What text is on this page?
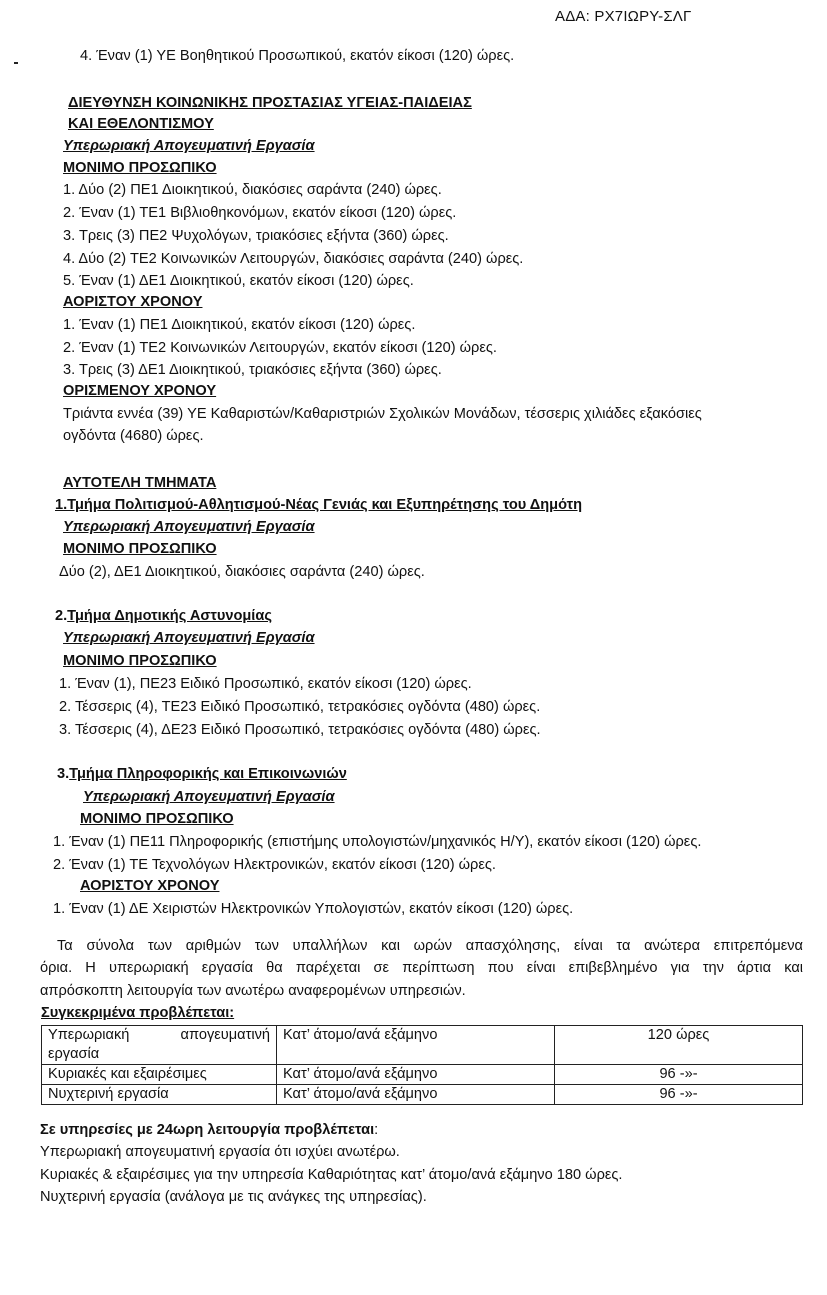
ΑΔΑ: ΡΧ7ΙΩΡΥ-ΣΛΓ
4. Έναν (1) ΥΕ Βοηθητικού Προσωπικού, εκατόν είκοσι (120) ώρες.
ΔΙΕΥΘΥΝΣΗ ΚΟΙΝΩΝΙΚΗΣ ΠΡΟΣΤΑΣΙΑΣ ΥΓΕΙΑΣ-ΠΑΙΔΕΙΑΣ
ΚΑΙ ΕΘΕΛΟΝΤΙΣΜΟΥ
Υπερωριακή Απογευματινή Εργασία
ΜΟΝΙΜΟ ΠΡΟΣΩΠΙΚΟ
1. Δύο (2) ΠΕ1 Διοικητικού, διακόσιες σαράντα (240) ώρες.
2. Έναν (1) ΤΕ1 Βιβλιοθηκονόμων, εκατόν είκοσι (120) ώρες.
3. Τρεις (3) ΠΕ2 Ψυχολόγων, τριακόσιες εξήντα (360) ώρες.
4. Δύο (2) ΤΕ2 Κοινωνικών Λειτουργών, διακόσιες σαράντα (240) ώρες.
5. Έναν (1) ΔΕ1 Διοικητικού, εκατόν είκοσι (120) ώρες.
ΑΟΡΙΣΤΟΥ ΧΡΟΝΟΥ
1. Έναν (1) ΠΕ1 Διοικητικού, εκατόν είκοσι (120) ώρες.
2. Έναν (1) ΤΕ2 Κοινωνικών Λειτουργών, εκατόν είκοσι (120) ώρες.
3. Τρεις (3) ΔΕ1 Διοικητικού, τριακόσιες εξήντα (360) ώρες.
ΟΡΙΣΜΕΝΟΥ ΧΡΟΝΟΥ
Τριάντα εννέα (39) ΥΕ Καθαριστών/Καθαριστριών Σχολικών Μονάδων, τέσσερις χιλιάδες εξακόσιες
ογδόντα (4680) ώρες.
ΑΥΤΟΤΕΛΗ ΤΜΗΜΑΤΑ
1.Τμήμα Πολιτισμού-Αθλητισμού-Νέας Γενιάς και Εξυπηρέτησης του Δημότη
Υπερωριακή Απογευματινή Εργασία
ΜΟΝΙΜΟ ΠΡΟΣΩΠΙΚΟ
Δύο (2), ΔΕ1 Διοικητικού, διακόσιες σαράντα (240) ώρες.
2.Τμήμα Δημοτικής Αστυνομίας
Υπερωριακή Απογευματινή Εργασία
ΜΟΝΙΜΟ ΠΡΟΣΩΠΙΚΟ
1. Έναν (1), ΠΕ23 Ειδικό Προσωπικό, εκατόν είκοσι (120) ώρες.
2. Τέσσερις (4), ΤΕ23 Ειδικό Προσωπικό, τετρακόσιες ογδόντα (480) ώρες.
3. Τέσσερις (4), ΔΕ23 Ειδικό Προσωπικό, τετρακόσιες ογδόντα (480) ώρες.
3.Τμήμα Πληροφορικής και Επικοινωνιών
Υπερωριακή Απογευματινή Εργασία
ΜΟΝΙΜΟ ΠΡΟΣΩΠΙΚΟ
1. Έναν (1) ΠΕ11 Πληροφορικής (επιστήμης υπολογιστών/μηχανικός Η/Υ), εκατόν είκοσι (120) ώρες.
2. Έναν (1) ΤΕ Τεχνολόγων Ηλεκτρονικών, εκατόν είκοσι (120) ώρες.
ΑΟΡΙΣΤΟΥ ΧΡΟΝΟΥ
1. Έναν (1) ΔΕ Χειριστών Ηλεκτρονικών Υπολογιστών, εκατόν είκοσι (120) ώρες.
Τα σύνολα των αριθμών των υπαλλήλων και ωρών απασχόλησης, είναι τα ανώτερα επιτρεπόμενα
όρια. Η υπερωριακή εργασία θα παρέχεται σε περίπτωση που είναι επιβεβλημένο για την άρτια και
απρόσκοπτη λειτουργία των ανωτέρω αναφερομένων υπηρεσιών.
Συγκεκριμένα προβλέπεται:
Υπερωριακή απογευματινή εργασία	Κατ’ άτομο/ανά εξάμηνο	120 ώρες
Κυριακές και εξαιρέσιμες	Κατ’ άτομο/ανά εξάμηνο	96 -»-
Νυχτερινή εργασία	Κατ’ άτομο/ανά εξάμηνο	96 -»-
Σε υπηρεσίες με 24ωρη λειτουργία προβλέπεται:
Υπερωριακή απογευματινή εργασία ότι ισχύει ανωτέρω.
Κυριακές & εξαιρέσιμες για την υπηρεσία Καθαριότητας κατ’ άτομο/ανά εξάμηνο 180 ώρες.
Νυχτερινή εργασία (ανάλογα με τις ανάγκες της υπηρεσίας).
